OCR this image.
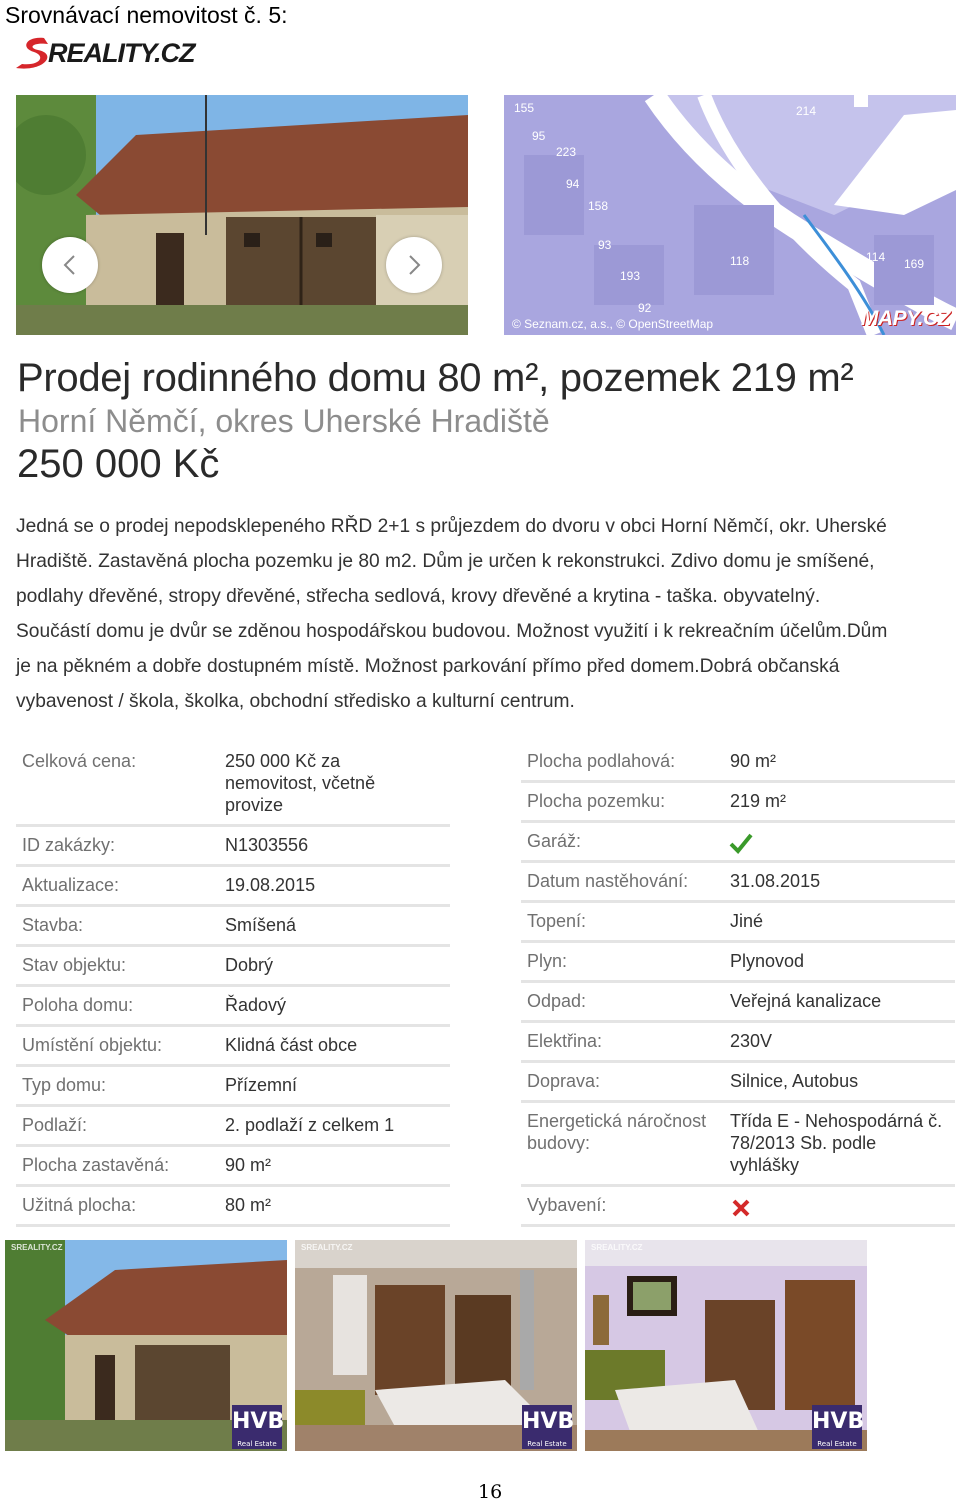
Srovnávací nemovitost č. 5:
REALITY.CZ
155
95
223
94
158
93
193
92
118
214
114 169
© Seznam.cz, a.s., © OpenStreetMap	MAPY.CZ
Prodej rodinného domu 80 m², pozemek 219 m²
Horní Němčí, okres Uherské Hradiště
250 000 Kč
Jedná se o prodej nepodsklepeného RŘD 2+1 s průjezdem do dvoru v obci Horní Němčí, okr. Uherské
Hradiště. Zastavěná plocha pozemku je 80 m2. Dům je určen k rekonstrukci. Zdivo domu je smíšené,
podlahy dřevěné, stropy dřevěné, střecha sedlová, krovy dřevěné a krytina - taška. obyvatelný.
Součástí domu je dvůr se zděnou hospodářskou budovou. Možnost využití i k rekreačním účelům.Dům
je na pěkném a dobře dostupném místě. Možnost parkování přímo před domem.Dobrá občanská
vybavenost / škola, školka, obchodní středisko a kulturní centrum.
Celková cena:	250 000 Kč za nemovitost, včetně provize
ID zakázky:	N1303556
Aktualizace:	19.08.2015
Stavba:	Smíšená
Stav objektu:	Dobrý
Poloha domu:	Řadový
Umístění objektu:	Klidná část obce
Typ domu:	Přízemní
Podlaží:	2. podlaží z celkem 1
Plocha zastavěná:	90 m²
Užitná plocha:	80 m²
Plocha podlahová:	90 m²
Plocha pozemku:	219 m²
Garáž:
Datum nastěhování: 31.08.2015
Topení:	Jiné
Plyn:	Plynovod
Odpad:	Veřejná kanalizace
Elektřina:	230V
Doprava:	Silnice, Autobus
Energetická náročnost budovy:
Třída E - Nehospodárná č. 78/2013 Sb. podle vyhlášky
Vybavení:
SREALITY.CZ
HVB
Real Estate
SREALITY.CZ
HVB
Real Estate
SREALITY.CZ
HVB
Real Estate
16
